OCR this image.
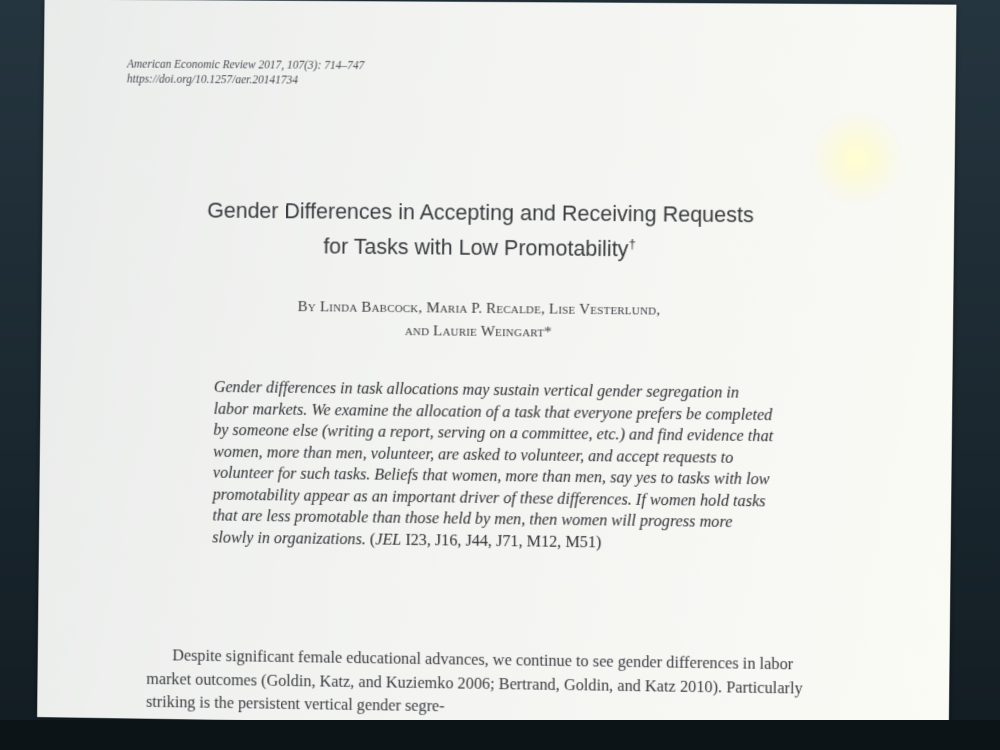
American Economic Review 2017, 107(3): 714–747
https://doi.org/10.1257/aer.20141734
Gender Differences in Accepting and Receiving Requests
for Tasks with Low Promotability†
By Linda Babcock, Maria P. Recalde, Lise Vesterlund,
and Laurie Weingart*
Gender differences in task allocations may sustain vertical gender segregation in labor markets. We examine the allocation of a task that everyone prefers be completed by someone else (writing a report, serving on a committee, etc.) and find evidence that women, more than men, volunteer, are asked to volunteer, and accept requests to volunteer for such tasks. Beliefs that women, more than men, say yes to tasks with low promotability appear as an important driver of these differences. If women hold tasks that are less promotable than those held by men, then women will progress more slowly in organizations. (JEL I23, J16, J44, J71, M12, M51)
Despite significant female educational advances, we continue to see gender differences in labor market outcomes (Goldin, Katz, and Kuziemko 2006; Bertrand, Goldin, and Katz 2010). Particularly striking is the persistent vertical gender segre-
